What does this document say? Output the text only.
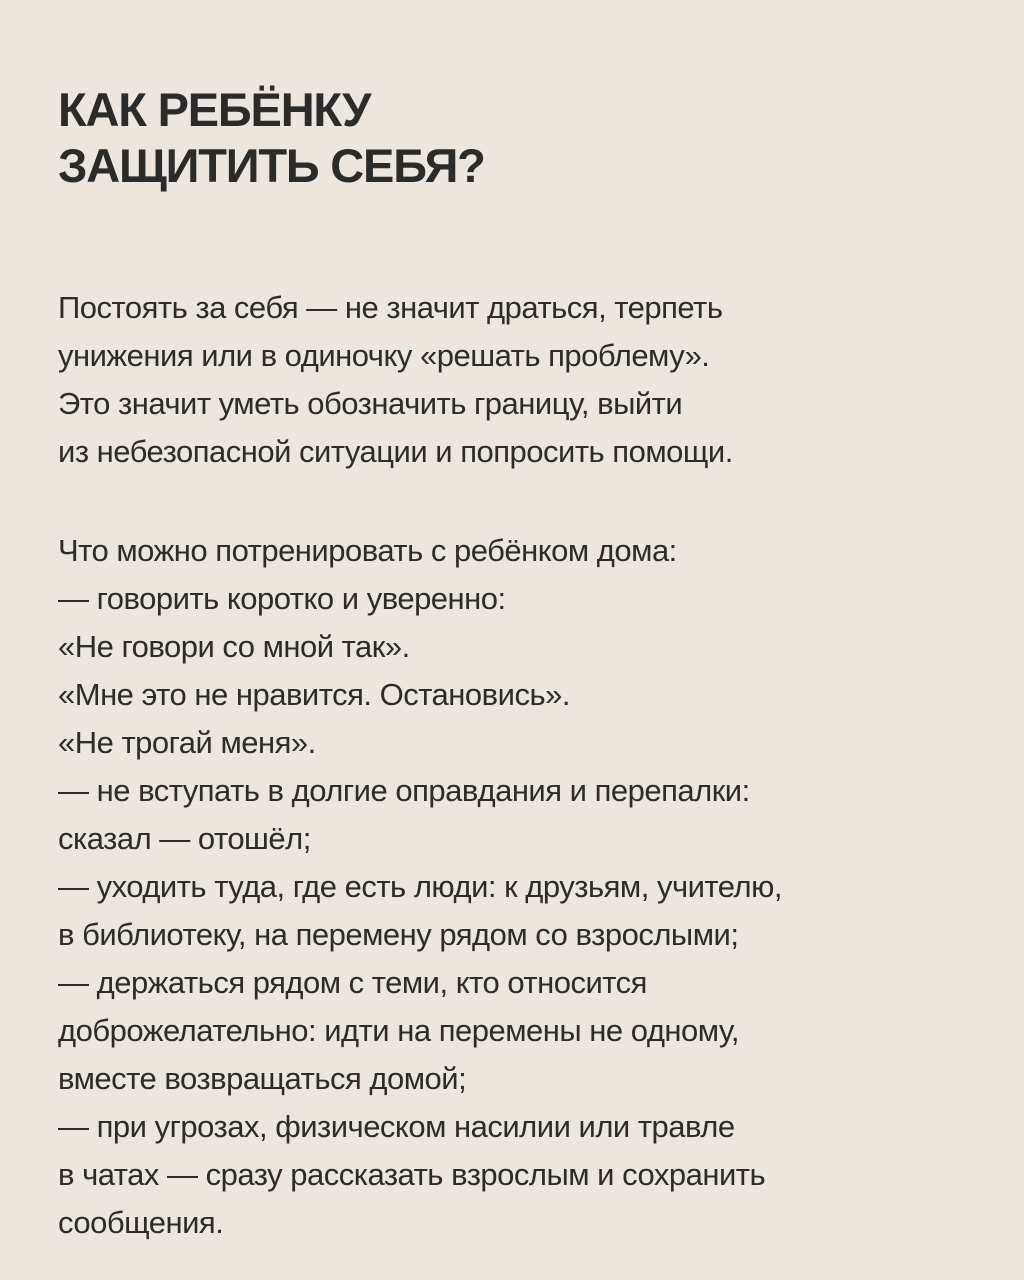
КАК РЕБЁНКУ
ЗАЩИТИТЬ СЕБЯ?
Постоять за себя — не значит драться, терпеть
унижения или в одиночку «решать проблему».
Это значит уметь обозначить границу, выйти
из небезопасной ситуации и попросить помощи.
Что можно потренировать с ребёнком дома:
— говорить коротко и уверенно:
«Не говори со мной так».
«Мне это не нравится. Остановись».
«Не трогай меня».
— не вступать в долгие оправдания и перепалки:
сказал — отошёл;
— уходить туда, где есть люди: к друзьям, учителю,
в библиотеку, на перемену рядом со взрослыми;
— держаться рядом с теми, кто относится
доброжелательно: идти на перемены не одному,
вместе возвращаться домой;
— при угрозах, физическом насилии или травле
в чатах — сразу рассказать взрослым и сохранить
сообщения.
